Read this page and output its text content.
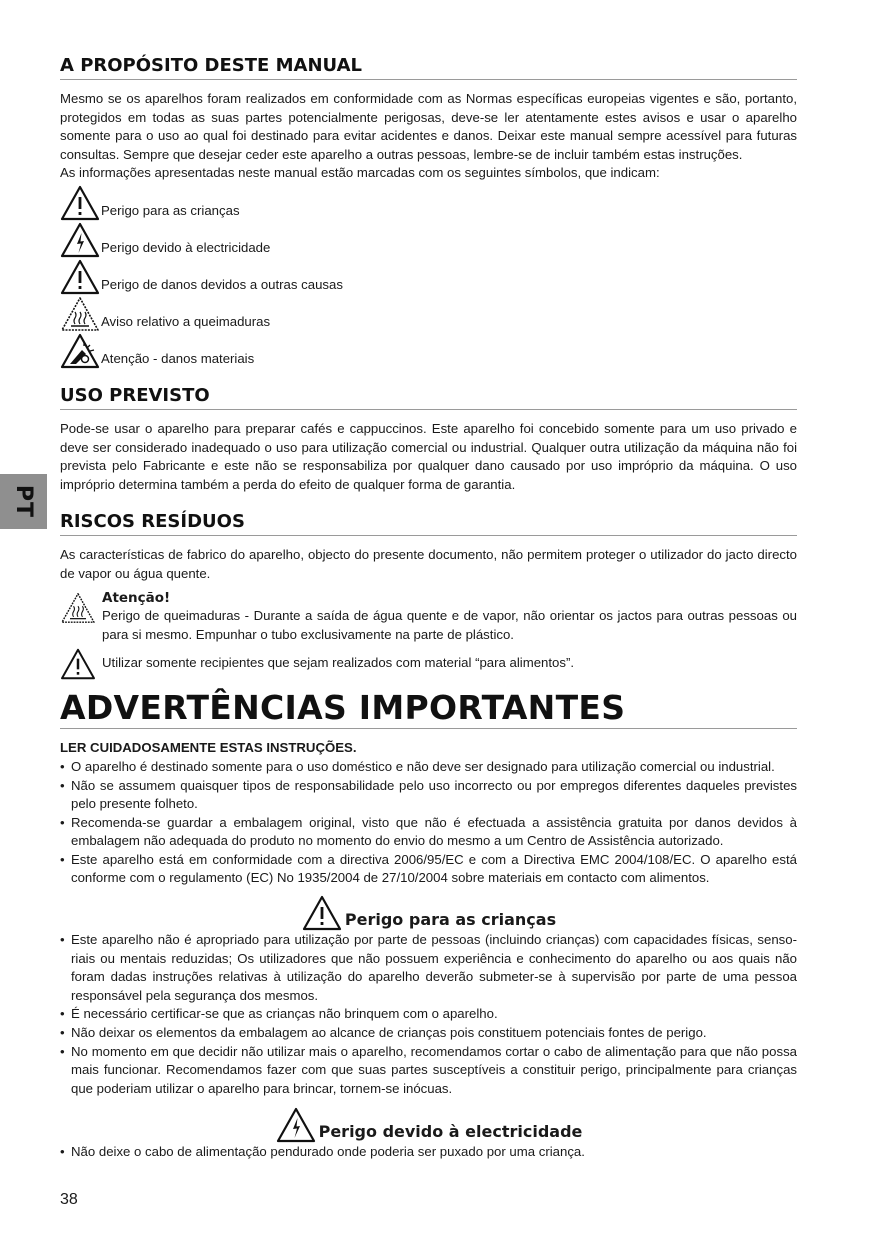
PT
A PROPÓSITO DESTE MANUAL

Mesmo se os aparelhos foram realizados em conformidade com as Normas específicas europeias vigentes e são, portanto, protegidos em todas as suas partes potencialmente perigosas, deve-se ler atentamente estes avisos e usar o aparelho somente para o uso ao qual foi destinado para evitar acidentes e danos. Deixar este manual sempre acessível para futuras consultas. Sempre que desejar ceder este aparelho a outras pessoas, lembre-se de incluir também estas instruções.

As informações apresentadas neste manual estão marcadas com os seguintes símbolos, que indicam:

Perigo para as crianças
Perigo devido à electricidade
Perigo de danos devidos a outras causas
Aviso relativo a queimaduras
Atenção - danos materiais
USO PREVISTO

Pode-se usar o aparelho para preparar cafés e cappuccinos. Este aparelho foi concebido somente para um uso privado e deve ser considerado inadequado o uso para utilização comercial ou industrial. Qualquer outra utilização da máquina não foi prevista pelo Fabricante e este não se responsabiliza por qualquer dano causado por uso impróprio da máquina. O uso impróprio determina também a perda do efeito de qualquer forma de garantia.

RISCOS RESÍDUOS

As características de fabrico do aparelho, objecto do presente documento, não permitem proteger o utilizador do jacto directo de vapor ou água quente.

Atenção!
Perigo de queimaduras - Durante a saída de água quente e de vapor, não orientar os jactos para outras pessoas ou para si mesmo. Empunhar o tubo exclusivamente na parte de plástico.
Utilizar somente recipientes que sejam realizados com material “para alimentos”.
ADVERTÊNCIAS IMPORTANTES
LER CUIDADOSAMENTE ESTAS INSTRUÇÕES.
• O aparelho é destinado somente para o uso doméstico e não deve ser designado para utilização comercial ou industrial.
• Não se assumem quaisquer tipos de responsabilidade pelo uso incorrecto ou por empregos diferentes daqueles previstes pelo presente folheto.
• Recomenda-se guardar a embalagem original, visto que não é efectuada a assistência gratuita por danos devidos à embalagem não adequada do produto no momento do envio do mesmo a um Centro de Assistência autorizado.
• Este aparelho está em conformidade com a directiva 2006/95/EC e com a Directiva EMC 2004/108/EC. O aparelho está conforme com o regulamento (EC) No 1935/2004 de 27/10/2004 sobre materiais em contacto com alimentos.
Perigo para as crianças
• Este aparelho não é apropriado para utilização por parte de pessoas (incluindo crianças) com capacidades físicas, senso-riais ou mentais reduzidas; Os utilizadores que não possuem experiência e conhecimento do aparelho ou aos quais não foram dadas instruções relativas à utilização do aparelho deverão submeter-se à supervisão por parte de uma pessoa responsável pela segurança dos mesmos.
• É necessário certificar-se que as crianças não brinquem com o aparelho.
• Não deixar os elementos da embalagem ao alcance de crianças pois constituem potenciais fontes de perigo.
• No momento em que decidir não utilizar mais o aparelho, recomendamos cortar o cabo de alimentação para que não possa mais funcionar. Recomendamos fazer com que suas partes susceptíveis a constituir perigo, principalmente para crianças que poderiam utilizar o aparelho para brincar, tornem-se inócuas.
Perigo devido à electricidade
• Não deixe o cabo de alimentação pendurado onde poderia ser puxado por uma criança.
38
